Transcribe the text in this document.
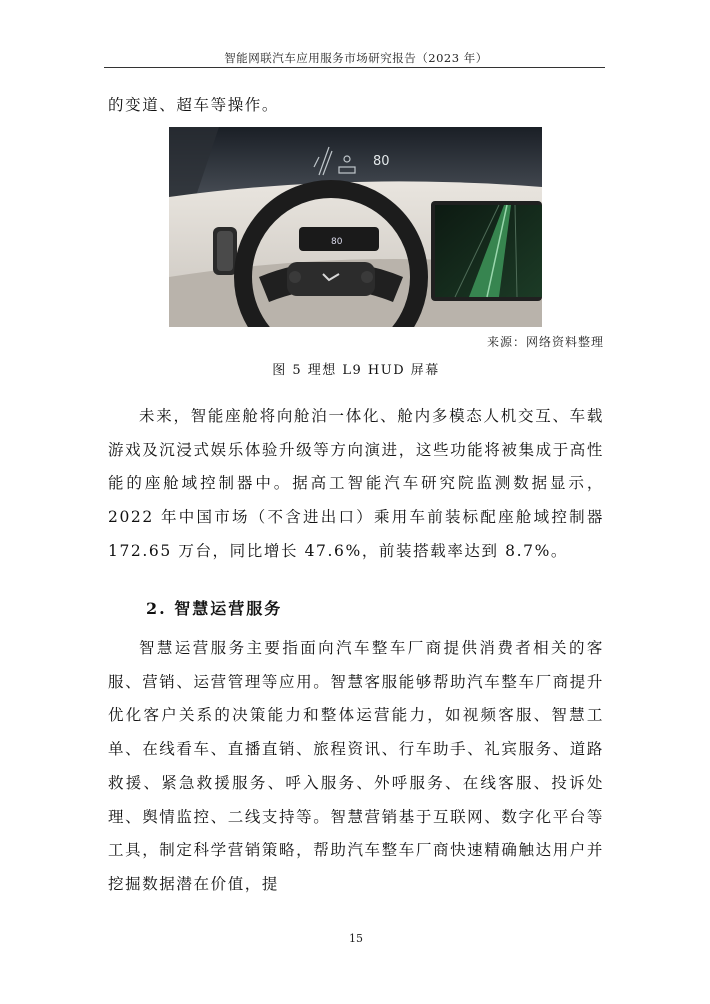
智能网联汽车应用服务市场研究报告（2023 年）

的变道、超车等操作。

80
80
来源：网络资料整理
图 5 理想 L9 HUD 屏幕

未来，智能座舱将向舱泊一体化、舱内多模态人机交互、车载游戏及沉浸式娱乐体验升级等方向演进，这些功能将被集成于高性能的座舱域控制器中。据高工智能汽车研究院监测数据显示，2022 年中国市场（不含进出口）乘用车前装标配座舱域控制器 172.65 万台，同比增长 47.6%，前装搭载率达到 8.7%。

2. 智慧运营服务

智慧运营服务主要指面向汽车整车厂商提供消费者相关的客服、营销、运营管理等应用。智慧客服能够帮助汽车整车厂商提升优化客户关系的决策能力和整体运营能力，如视频客服、智慧工单、在线看车、直播直销、旅程资讯、行车助手、礼宾服务、道路救援、紧急救援服务、呼入服务、外呼服务、在线客服、投诉处理、舆情监控、二线支持等。智慧营销基于互联网、数字化平台等工具，制定科学营销策略，帮助汽车整车厂商快速精确触达用户并挖掘数据潜在价值，提

15
